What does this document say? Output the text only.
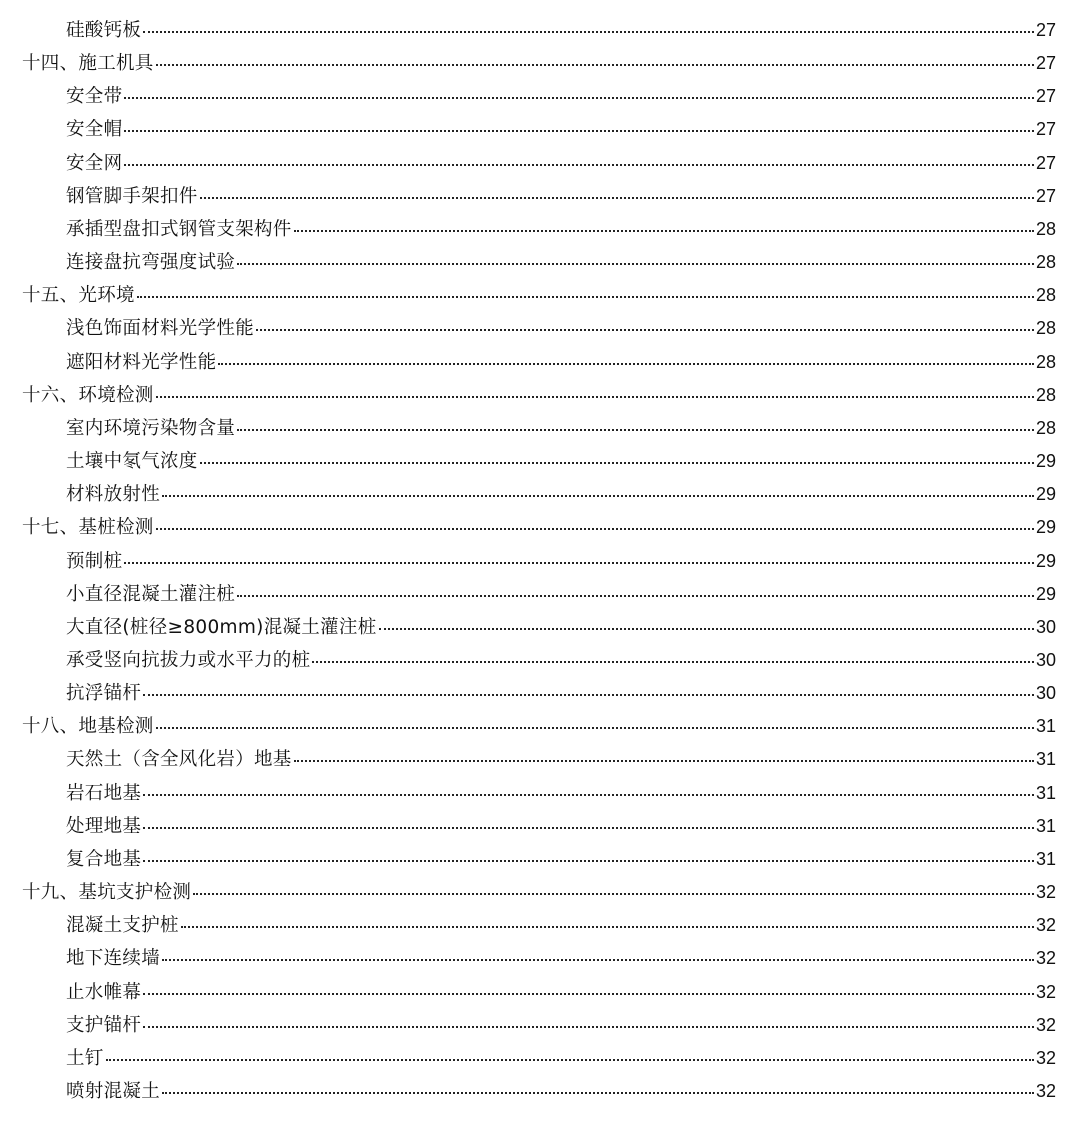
硅酸钙板	27
十四、施工机具	27
安全带	27
安全帽	27
安全网	27
钢管脚手架扣件	27
承插型盘扣式钢管支架构件	28
连接盘抗弯强度试验	28
十五、光环境	28
浅色饰面材料光学性能	28
遮阳材料光学性能	28
十六、环境检测	28
室内环境污染物含量	28
土壤中氡气浓度	29
材料放射性	29
十七、基桩检测	29
预制桩	29
小直径混凝土灌注桩	29
大直径(桩径≥800mm)混凝土灌注桩	30
承受竖向抗拔力或水平力的桩	30
抗浮锚杆	30
十八、地基检测	31
天然土（含全风化岩）地基	31
岩石地基	31
处理地基	31
复合地基	31
十九、基坑支护检测	32
混凝土支护桩	32
地下连续墙	32
止水帷幕	32
支护锚杆	32
土钉	32
喷射混凝土	32
